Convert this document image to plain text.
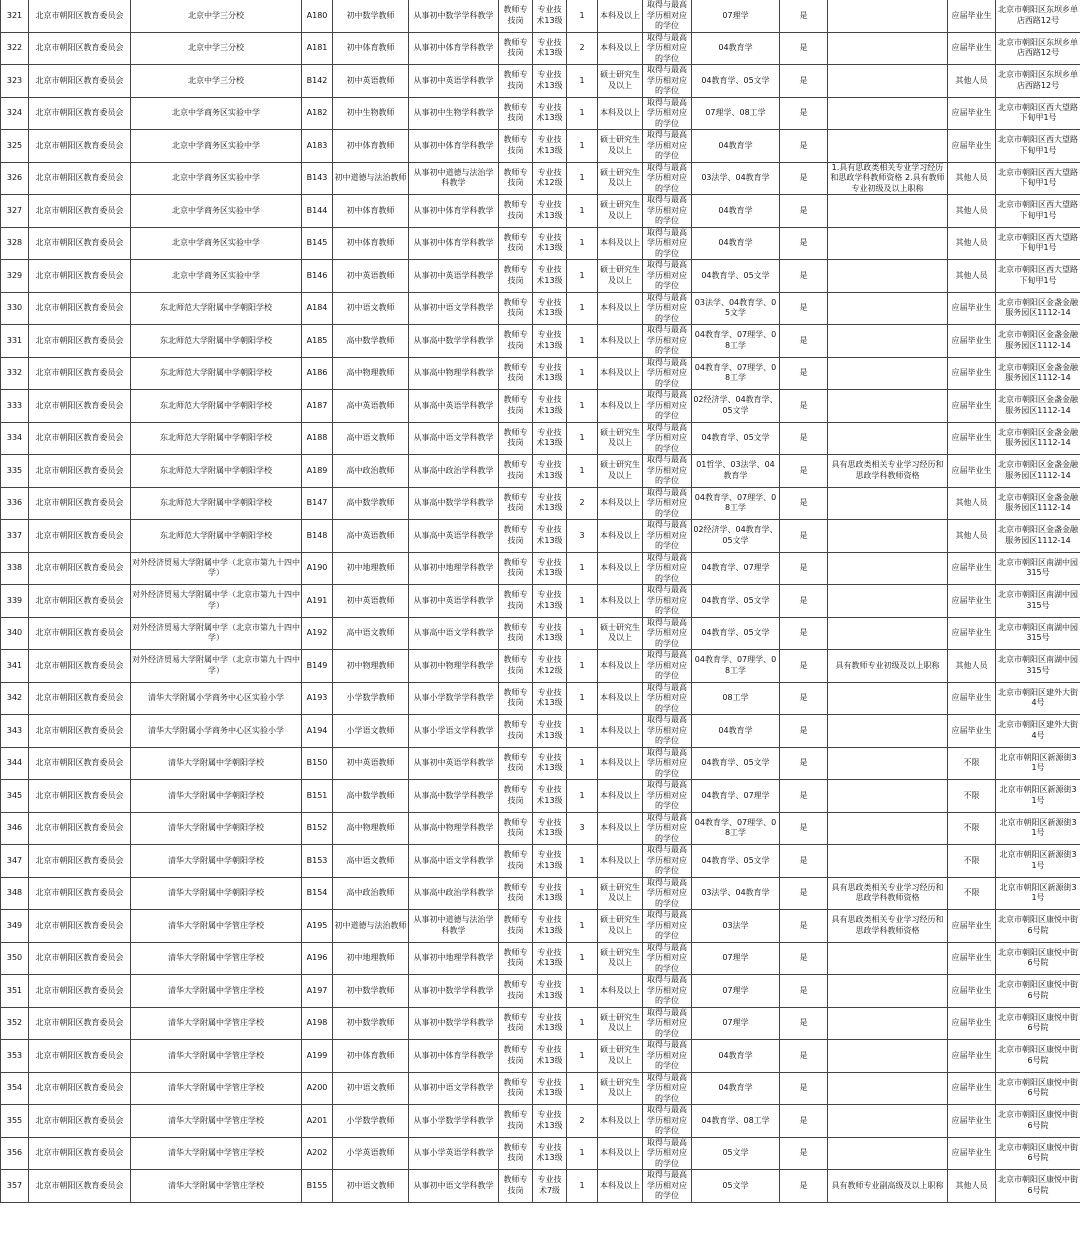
321	北京市朝阳区教育委员会	北京中学三分校	A180	初中数学教师	从事初中数学学科教学	教师专技岗	专业技术13级	1	本科及以上	取得与最高学历相对应的学位	07理学	是		应届毕业生	北京市朝阳区东坝乡单店西路12号
322	北京市朝阳区教育委员会	北京中学三分校	A181	初中体育教师	从事初中体育学科教学	教师专技岗	专业技术13级	2	本科及以上	取得与最高学历相对应的学位	04教育学	是		应届毕业生	北京市朝阳区东坝乡单店西路12号
323	北京市朝阳区教育委员会	北京中学三分校	B142	初中英语教师	从事初中英语学科教学	教师专技岗	专业技术13级	1	硕士研究生及以上	取得与最高学历相对应的学位	04教育学、05文学	是		其他人员	北京市朝阳区东坝乡单店西路12号
324	北京市朝阳区教育委员会	北京中学商务区实验中学	A182	初中生物教师	从事初中生物学科教学	教师专技岗	专业技术13级	1	本科及以上	取得与最高学历相对应的学位	07理学、08工学	是		应届毕业生	北京市朝阳区西大望路下甸甲1号
325	北京市朝阳区教育委员会	北京中学商务区实验中学	A183	初中体育教师	从事初中体育学科教学	教师专技岗	专业技术13级	1	硕士研究生及以上	取得与最高学历相对应的学位	04教育学	是		应届毕业生	北京市朝阳区西大望路下甸甲1号
326	北京市朝阳区教育委员会	北京中学商务区实验中学	B143	初中道德与法治教师	从事初中道德与法治学科教学	教师专技岗	专业技术12级	1	硕士研究生及以上	取得与最高学历相对应的学位	03法学、04教育学	是	1.具有思政类相关专业学习经历和思政学科教师资格 2.具有教师专业初级及以上职称	其他人员	北京市朝阳区西大望路下甸甲1号
327	北京市朝阳区教育委员会	北京中学商务区实验中学	B144	初中体育教师	从事初中体育学科教学	教师专技岗	专业技术13级	1	硕士研究生及以上	取得与最高学历相对应的学位	04教育学	是		其他人员	北京市朝阳区西大望路下甸甲1号
328	北京市朝阳区教育委员会	北京中学商务区实验中学	B145	初中体育教师	从事初中体育学科教学	教师专技岗	专业技术13级	1	本科及以上	取得与最高学历相对应的学位	04教育学	是		其他人员	北京市朝阳区西大望路下甸甲1号
329	北京市朝阳区教育委员会	北京中学商务区实验中学	B146	初中英语教师	从事初中英语学科教学	教师专技岗	专业技术13级	1	硕士研究生及以上	取得与最高学历相对应的学位	04教育学、05文学	是		其他人员	北京市朝阳区西大望路下甸甲1号
330	北京市朝阳区教育委员会	东北师范大学附属中学朝阳学校	A184	初中语文教师	从事初中语文学科教学	教师专技岗	专业技术13级	1	本科及以上	取得与最高学历相对应的学位	03法学、04教育学、05文学	是		应届毕业生	北京市朝阳区金盏金融服务园区1112-14
331	北京市朝阳区教育委员会	东北师范大学附属中学朝阳学校	A185	高中数学教师	从事高中数学学科教学	教师专技岗	专业技术13级	1	本科及以上	取得与最高学历相对应的学位	04教育学、07理学、08工学	是		应届毕业生	北京市朝阳区金盏金融服务园区1112-14
332	北京市朝阳区教育委员会	东北师范大学附属中学朝阳学校	A186	高中物理教师	从事高中物理学科教学	教师专技岗	专业技术13级	1	本科及以上	取得与最高学历相对应的学位	04教育学、07理学、08工学	是		应届毕业生	北京市朝阳区金盏金融服务园区1112-14
333	北京市朝阳区教育委员会	东北师范大学附属中学朝阳学校	A187	高中英语教师	从事高中英语学科教学	教师专技岗	专业技术13级	1	本科及以上	取得与最高学历相对应的学位	02经济学、04教育学、05文学	是		应届毕业生	北京市朝阳区金盏金融服务园区1112-14
334	北京市朝阳区教育委员会	东北师范大学附属中学朝阳学校	A188	高中语文教师	从事高中语文学科教学	教师专技岗	专业技术13级	1	硕士研究生及以上	取得与最高学历相对应的学位	04教育学、05文学	是		应届毕业生	北京市朝阳区金盏金融服务园区1112-14
335	北京市朝阳区教育委员会	东北师范大学附属中学朝阳学校	A189	高中政治教师	从事高中政治学科教学	教师专技岗	专业技术13级	1	硕士研究生及以上	取得与最高学历相对应的学位	01哲学、03法学、04教育学	是	具有思政类相关专业学习经历和思政学科教师资格	应届毕业生	北京市朝阳区金盏金融服务园区1112-14
336	北京市朝阳区教育委员会	东北师范大学附属中学朝阳学校	B147	高中数学教师	从事高中数学学科教学	教师专技岗	专业技术13级	2	本科及以上	取得与最高学历相对应的学位	04教育学、07理学、08工学	是		其他人员	北京市朝阳区金盏金融服务园区1112-14
337	北京市朝阳区教育委员会	东北师范大学附属中学朝阳学校	B148	高中英语教师	从事高中英语学科教学	教师专技岗	专业技术13级	3	本科及以上	取得与最高学历相对应的学位	02经济学、04教育学、05文学	是		其他人员	北京市朝阳区金盏金融服务园区1112-14
338	北京市朝阳区教育委员会	对外经济贸易大学附属中学（北京市第九十四中学）	A190	初中地理教师	从事初中地理学科教学	教师专技岗	专业技术13级	1	本科及以上	取得与最高学历相对应的学位	04教育学、07理学	是		应届毕业生	北京市朝阳区南湖中园315号
339	北京市朝阳区教育委员会	对外经济贸易大学附属中学（北京市第九十四中学）	A191	初中英语教师	从事初中英语学科教学	教师专技岗	专业技术13级	1	本科及以上	取得与最高学历相对应的学位	04教育学、05文学	是		应届毕业生	北京市朝阳区南湖中园315号
340	北京市朝阳区教育委员会	对外经济贸易大学附属中学（北京市第九十四中学）	A192	高中语文教师	从事高中语文学科教学	教师专技岗	专业技术13级	1	硕士研究生及以上	取得与最高学历相对应的学位	04教育学、05文学	是		应届毕业生	北京市朝阳区南湖中园315号
341	北京市朝阳区教育委员会	对外经济贸易大学附属中学（北京市第九十四中学）	B149	初中物理教师	从事初中物理学科教学	教师专技岗	专业技术12级	1	本科及以上	取得与最高学历相对应的学位	04教育学、07理学、08工学	是	具有教师专业初级及以上职称	其他人员	北京市朝阳区南湖中园315号
342	北京市朝阳区教育委员会	清华大学附属小学商务中心区实验小学	A193	小学数学教师	从事小学数学学科教学	教师专技岗	专业技术13级	1	本科及以上	取得与最高学历相对应的学位	08工学	是		应届毕业生	北京市朝阳区建外大街4号
343	北京市朝阳区教育委员会	清华大学附属小学商务中心区实验小学	A194	小学语文教师	从事小学语文学科教学	教师专技岗	专业技术13级	1	本科及以上	取得与最高学历相对应的学位	04教育学	是		应届毕业生	北京市朝阳区建外大街4号
344	北京市朝阳区教育委员会	清华大学附属中学朝阳学校	B150	初中英语教师	从事初中英语学科教学	教师专技岗	专业技术13级	1	本科及以上	取得与最高学历相对应的学位	04教育学、05文学	是		不限	北京市朝阳区新源街31号
345	北京市朝阳区教育委员会	清华大学附属中学朝阳学校	B151	高中数学教师	从事高中数学学科教学	教师专技岗	专业技术13级	1	本科及以上	取得与最高学历相对应的学位	04教育学、07理学	是		不限	北京市朝阳区新源街31号
346	北京市朝阳区教育委员会	清华大学附属中学朝阳学校	B152	高中物理教师	从事高中物理学科教学	教师专技岗	专业技术13级	3	本科及以上	取得与最高学历相对应的学位	04教育学、07理学、08工学	是		不限	北京市朝阳区新源街31号
347	北京市朝阳区教育委员会	清华大学附属中学朝阳学校	B153	高中语文教师	从事高中语文学科教学	教师专技岗	专业技术13级	1	本科及以上	取得与最高学历相对应的学位	04教育学、05文学	是		不限	北京市朝阳区新源街31号
348	北京市朝阳区教育委员会	清华大学附属中学朝阳学校	B154	高中政治教师	从事高中政治学科教学	教师专技岗	专业技术13级	1	硕士研究生及以上	取得与最高学历相对应的学位	03法学、04教育学	是	具有思政类相关专业学习经历和思政学科教师资格	不限	北京市朝阳区新源街31号
349	北京市朝阳区教育委员会	清华大学附属中学管庄学校	A195	初中道德与法治教师	从事初中道德与法治学科教学	教师专技岗	专业技术13级	1	硕士研究生及以上	取得与最高学历相对应的学位	03法学	是	具有思政类相关专业学习经历和思政学科教师资格	应届毕业生	北京市朝阳区康悦中街6号院
350	北京市朝阳区教育委员会	清华大学附属中学管庄学校	A196	初中地理教师	从事初中地理学科教学	教师专技岗	专业技术13级	1	硕士研究生及以上	取得与最高学历相对应的学位	07理学	是		应届毕业生	北京市朝阳区康悦中街6号院
351	北京市朝阳区教育委员会	清华大学附属中学管庄学校	A197	初中数学教师	从事初中数学学科教学	教师专技岗	专业技术13级	1	本科及以上	取得与最高学历相对应的学位	07理学	是		应届毕业生	北京市朝阳区康悦中街6号院
352	北京市朝阳区教育委员会	清华大学附属中学管庄学校	A198	初中数学教师	从事初中数学学科教学	教师专技岗	专业技术13级	1	硕士研究生及以上	取得与最高学历相对应的学位	07理学	是		应届毕业生	北京市朝阳区康悦中街6号院
353	北京市朝阳区教育委员会	清华大学附属中学管庄学校	A199	初中体育教师	从事初中体育学科教学	教师专技岗	专业技术13级	1	硕士研究生及以上	取得与最高学历相对应的学位	04教育学	是		应届毕业生	北京市朝阳区康悦中街6号院
354	北京市朝阳区教育委员会	清华大学附属中学管庄学校	A200	初中语文教师	从事初中语文学科教学	教师专技岗	专业技术13级	1	硕士研究生及以上	取得与最高学历相对应的学位	04教育学	是		应届毕业生	北京市朝阳区康悦中街6号院
355	北京市朝阳区教育委员会	清华大学附属中学管庄学校	A201	小学数学教师	从事小学数学学科教学	教师专技岗	专业技术13级	2	本科及以上	取得与最高学历相对应的学位	04教育学、08工学	是		应届毕业生	北京市朝阳区康悦中街6号院
356	北京市朝阳区教育委员会	清华大学附属中学管庄学校	A202	小学英语教师	从事小学英语学科教学	教师专技岗	专业技术13级	1	本科及以上	取得与最高学历相对应的学位	05文学	是		应届毕业生	北京市朝阳区康悦中街6号院
357	北京市朝阳区教育委员会	清华大学附属中学管庄学校	B155	初中语文教师	从事初中语文学科教学	教师专技岗	专业技术7级	1	本科及以上	取得与最高学历相对应的学位	05文学	是	具有教师专业副高级及以上职称	其他人员	北京市朝阳区康悦中街6号院
